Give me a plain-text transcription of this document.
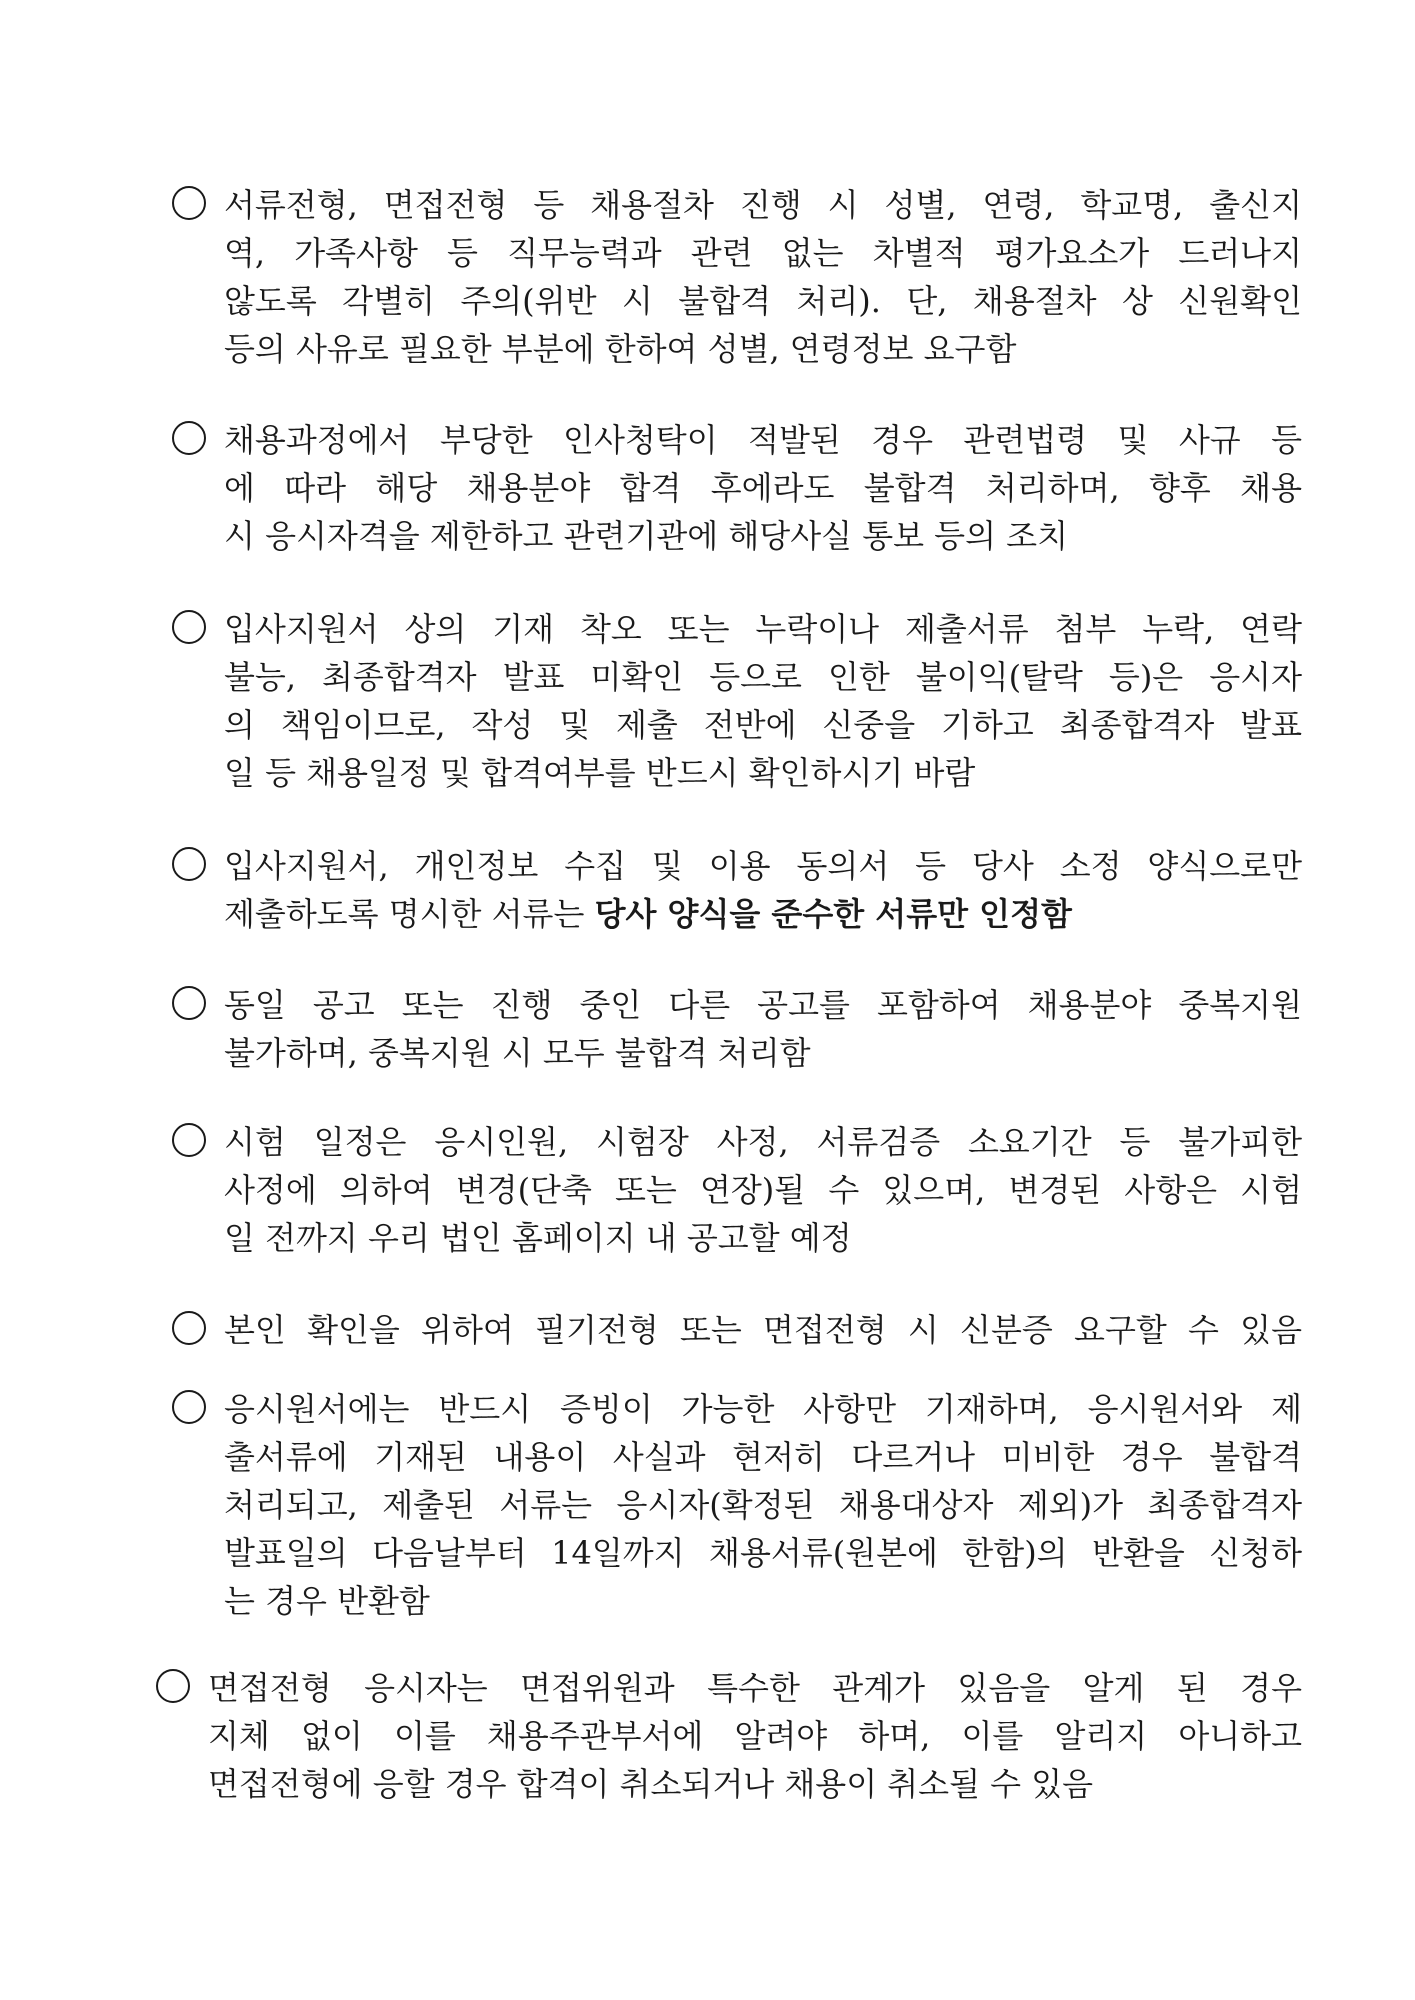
서류전형, 면접전형 등 채용절차 진행 시 성별, 연령, 학교명, 출신지
역, 가족사항 등 직무능력과 관련 없는 차별적 평가요소가 드러나지
않도록 각별히 주의(위반 시 불합격 처리). 단, 채용절차 상 신원확인
등의 사유로 필요한 부분에 한하여 성별, 연령정보 요구함
채용과정에서 부당한 인사청탁이 적발된 경우 관련법령 및 사규 등
에 따라 해당 채용분야 합격 후에라도 불합격 처리하며, 향후 채용
시 응시자격을 제한하고 관련기관에 해당사실 통보 등의 조치
입사지원서 상의 기재 착오 또는 누락이나 제출서류 첨부 누락, 연락
불능, 최종합격자 발표 미확인 등으로 인한 불이익(탈락 등)은 응시자
의 책임이므로, 작성 및 제출 전반에 신중을 기하고 최종합격자 발표
일 등 채용일정 및 합격여부를 반드시 확인하시기 바람
입사지원서, 개인정보 수집 및 이용 동의서 등 당사 소정 양식으로만
제출하도록 명시한 서류는 당사 양식을 준수한 서류만 인정함
동일 공고 또는 진행 중인 다른 공고를 포함하여 채용분야 중복지원
불가하며, 중복지원 시 모두 불합격 처리함
시험 일정은 응시인원, 시험장 사정, 서류검증 소요기간 등 불가피한
사정에 의하여 변경(단축 또는 연장)될 수 있으며, 변경된 사항은 시험
일 전까지 우리 법인 홈페이지 내 공고할 예정
본인 확인을 위하여 필기전형 또는 면접전형 시 신분증 요구할 수 있음
응시원서에는 반드시 증빙이 가능한 사항만 기재하며, 응시원서와 제
출서류에 기재된 내용이 사실과 현저히 다르거나 미비한 경우 불합격
처리되고, 제출된 서류는 응시자(확정된 채용대상자 제외)가 최종합격자
발표일의 다음날부터 14일까지 채용서류(원본에 한함)의 반환을 신청하
는 경우 반환함
면접전형 응시자는 면접위원과 특수한 관계가 있음을 알게 된 경우
지체 없이 이를 채용주관부서에 알려야 하며, 이를 알리지 아니하고
면접전형에 응할 경우 합격이 취소되거나 채용이 취소될 수 있음
